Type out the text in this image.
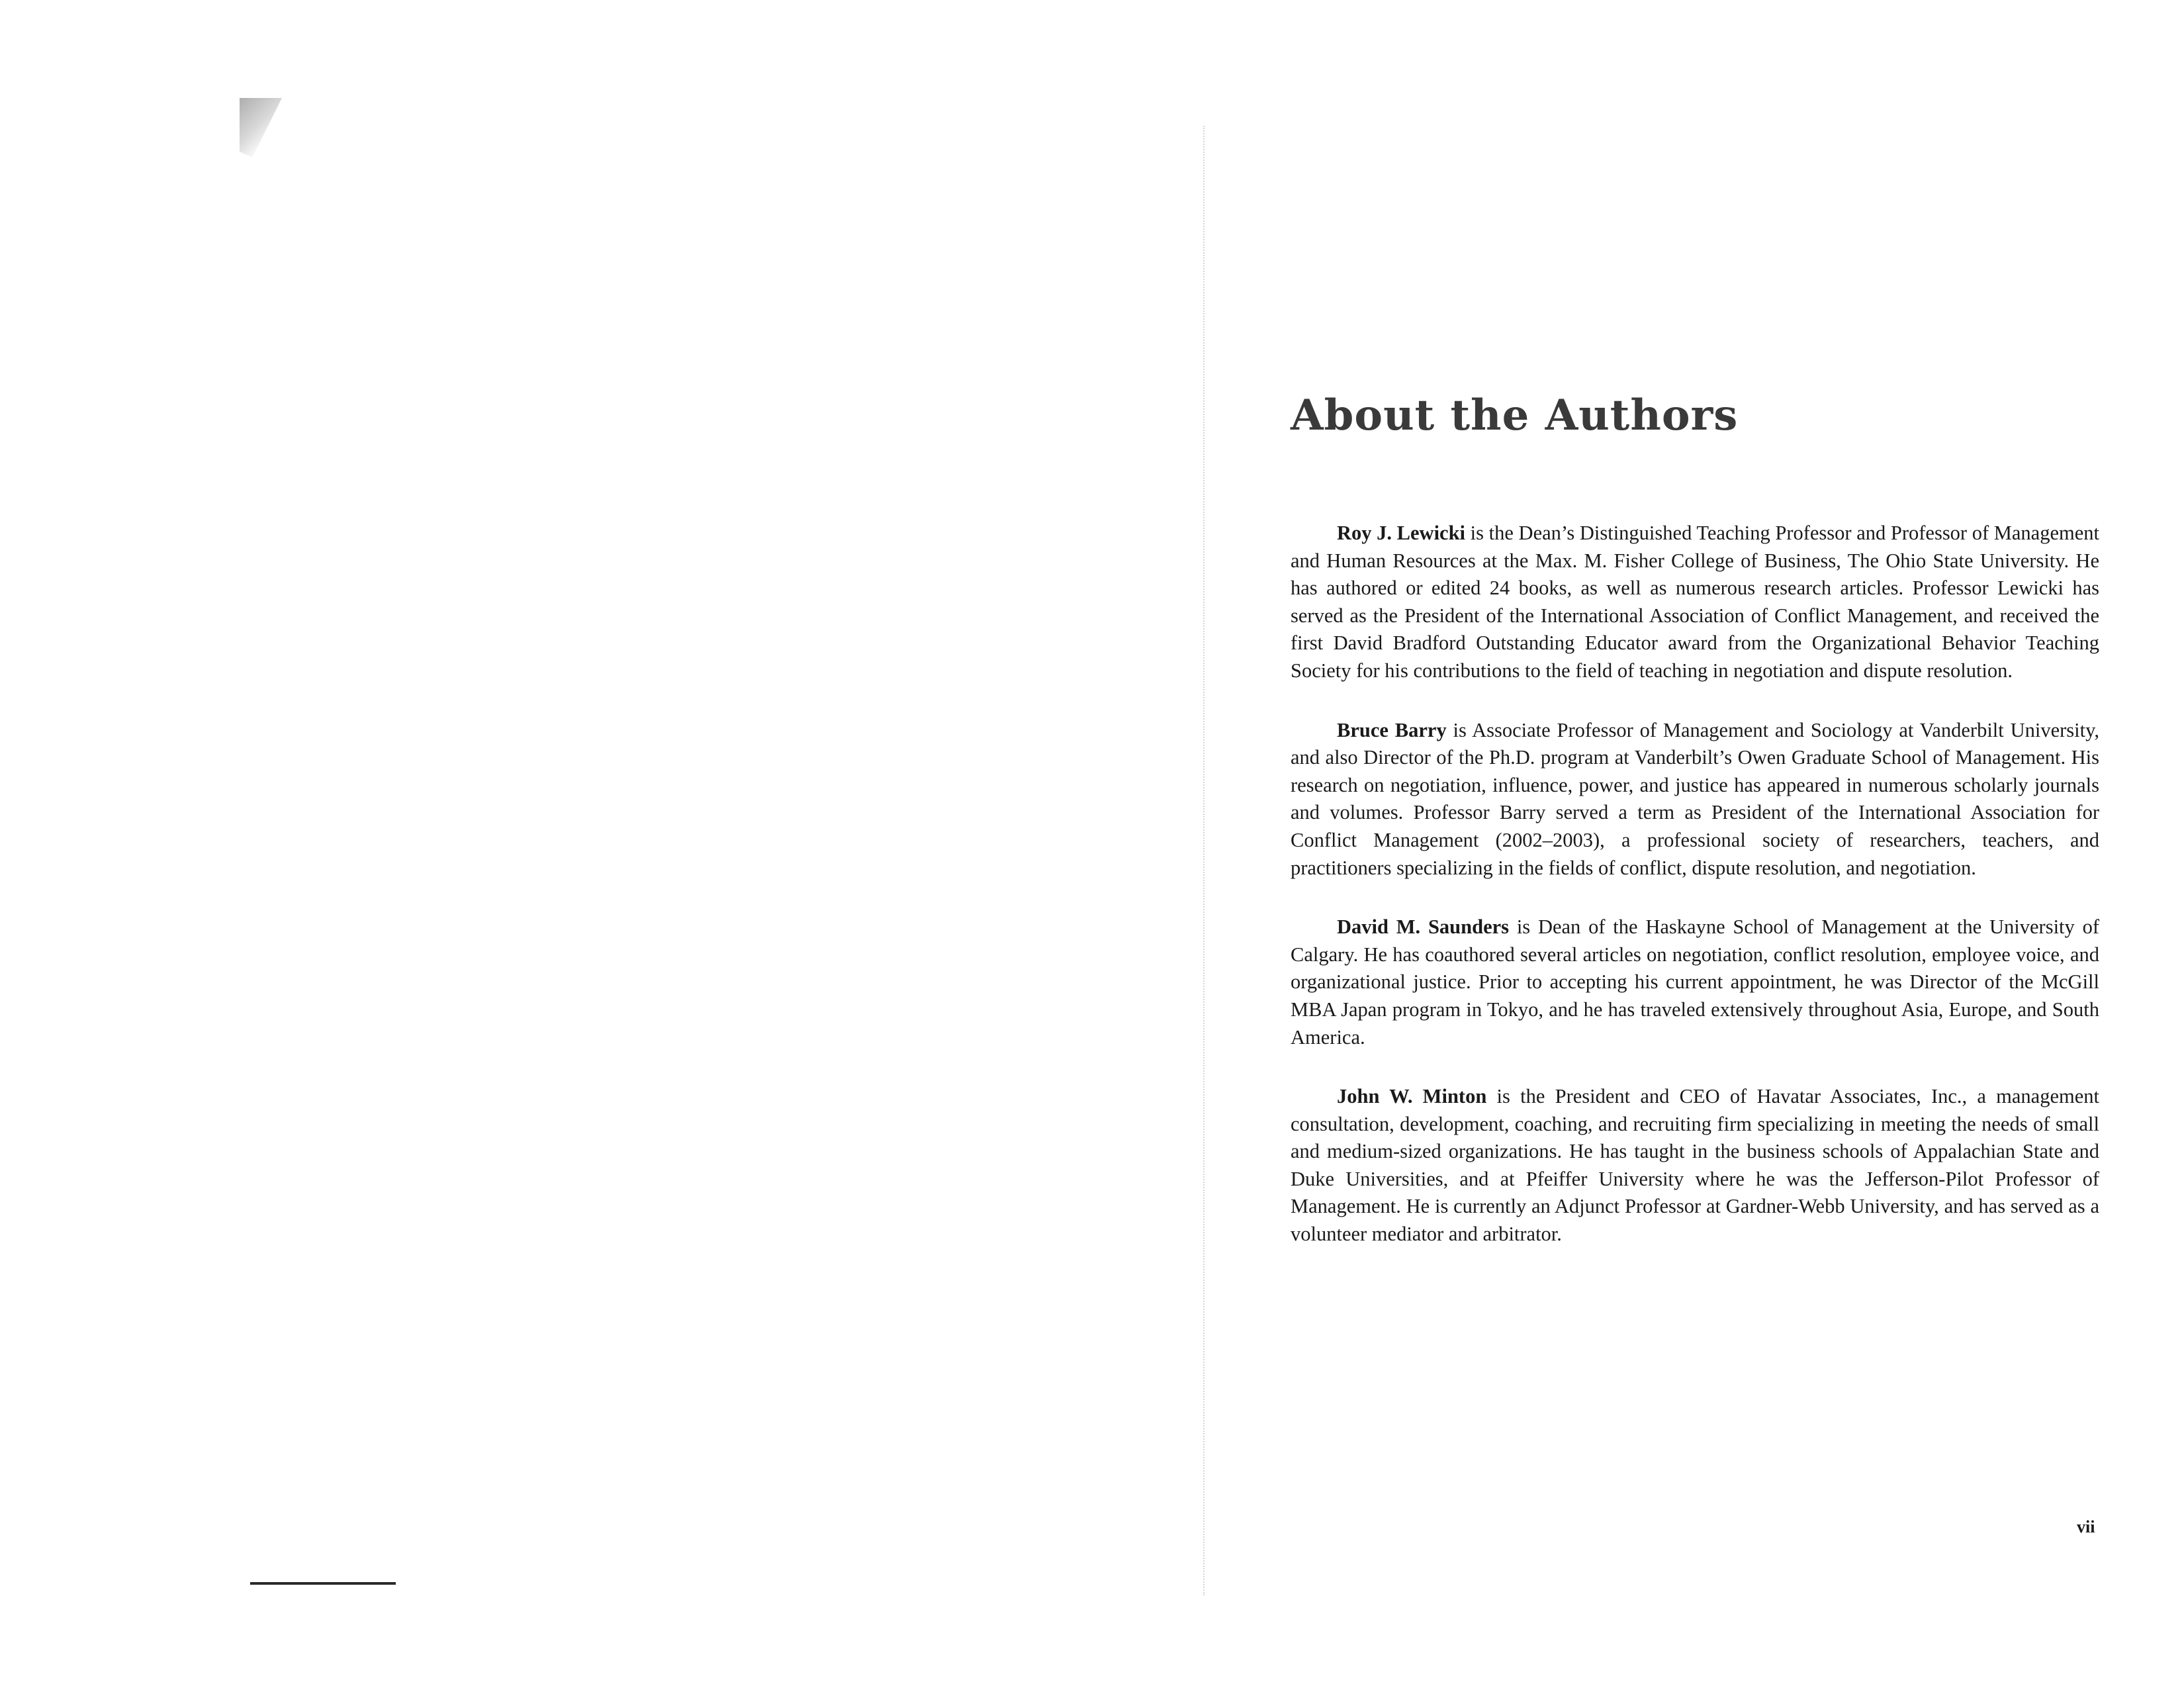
About the Authors

Roy J. Lewicki is the Dean’s Distinguished Teaching Professor and Professor of Management and Human Resources at the Max. M. Fisher College of Business, The Ohio State University. He has authored or edited 24 books, as well as numerous research articles. Professor Lewicki has served as the President of the International Association of Conflict Management, and received the first David Bradford Outstanding Educator award from the Organizational Behavior Teaching Society for his contributions to the field of teaching in negotiation and dispute resolution.

Bruce Barry is Associate Professor of Management and Sociology at Vanderbilt University, and also Director of the Ph.D. program at Vanderbilt’s Owen Graduate School of Management. His research on negotiation, influence, power, and justice has appeared in numerous scholarly journals and volumes. Professor Barry served a term as President of the International Association for Conflict Management (2002–2003), a professional society of researchers, teachers, and practitioners specializing in the fields of conflict, dispute resolution, and negotiation.

David M. Saunders is Dean of the Haskayne School of Management at the University of Calgary. He has coauthored several articles on negotiation, conflict resolution, employee voice, and organizational justice. Prior to accepting his current appointment, he was Director of the McGill MBA Japan program in Tokyo, and he has traveled extensively throughout Asia, Europe, and South America.

John W. Minton is the President and CEO of Havatar Associates, Inc., a management consultation, development, coaching, and recruiting firm specializing in meeting the needs of small and medium-sized organizations. He has taught in the business schools of Appalachian State and Duke Universities, and at Pfeiffer University where he was the Jefferson-Pilot Professor of Management. He is currently an Adjunct Professor at Gardner-Webb University, and has served as a volunteer mediator and arbitrator.

vii
